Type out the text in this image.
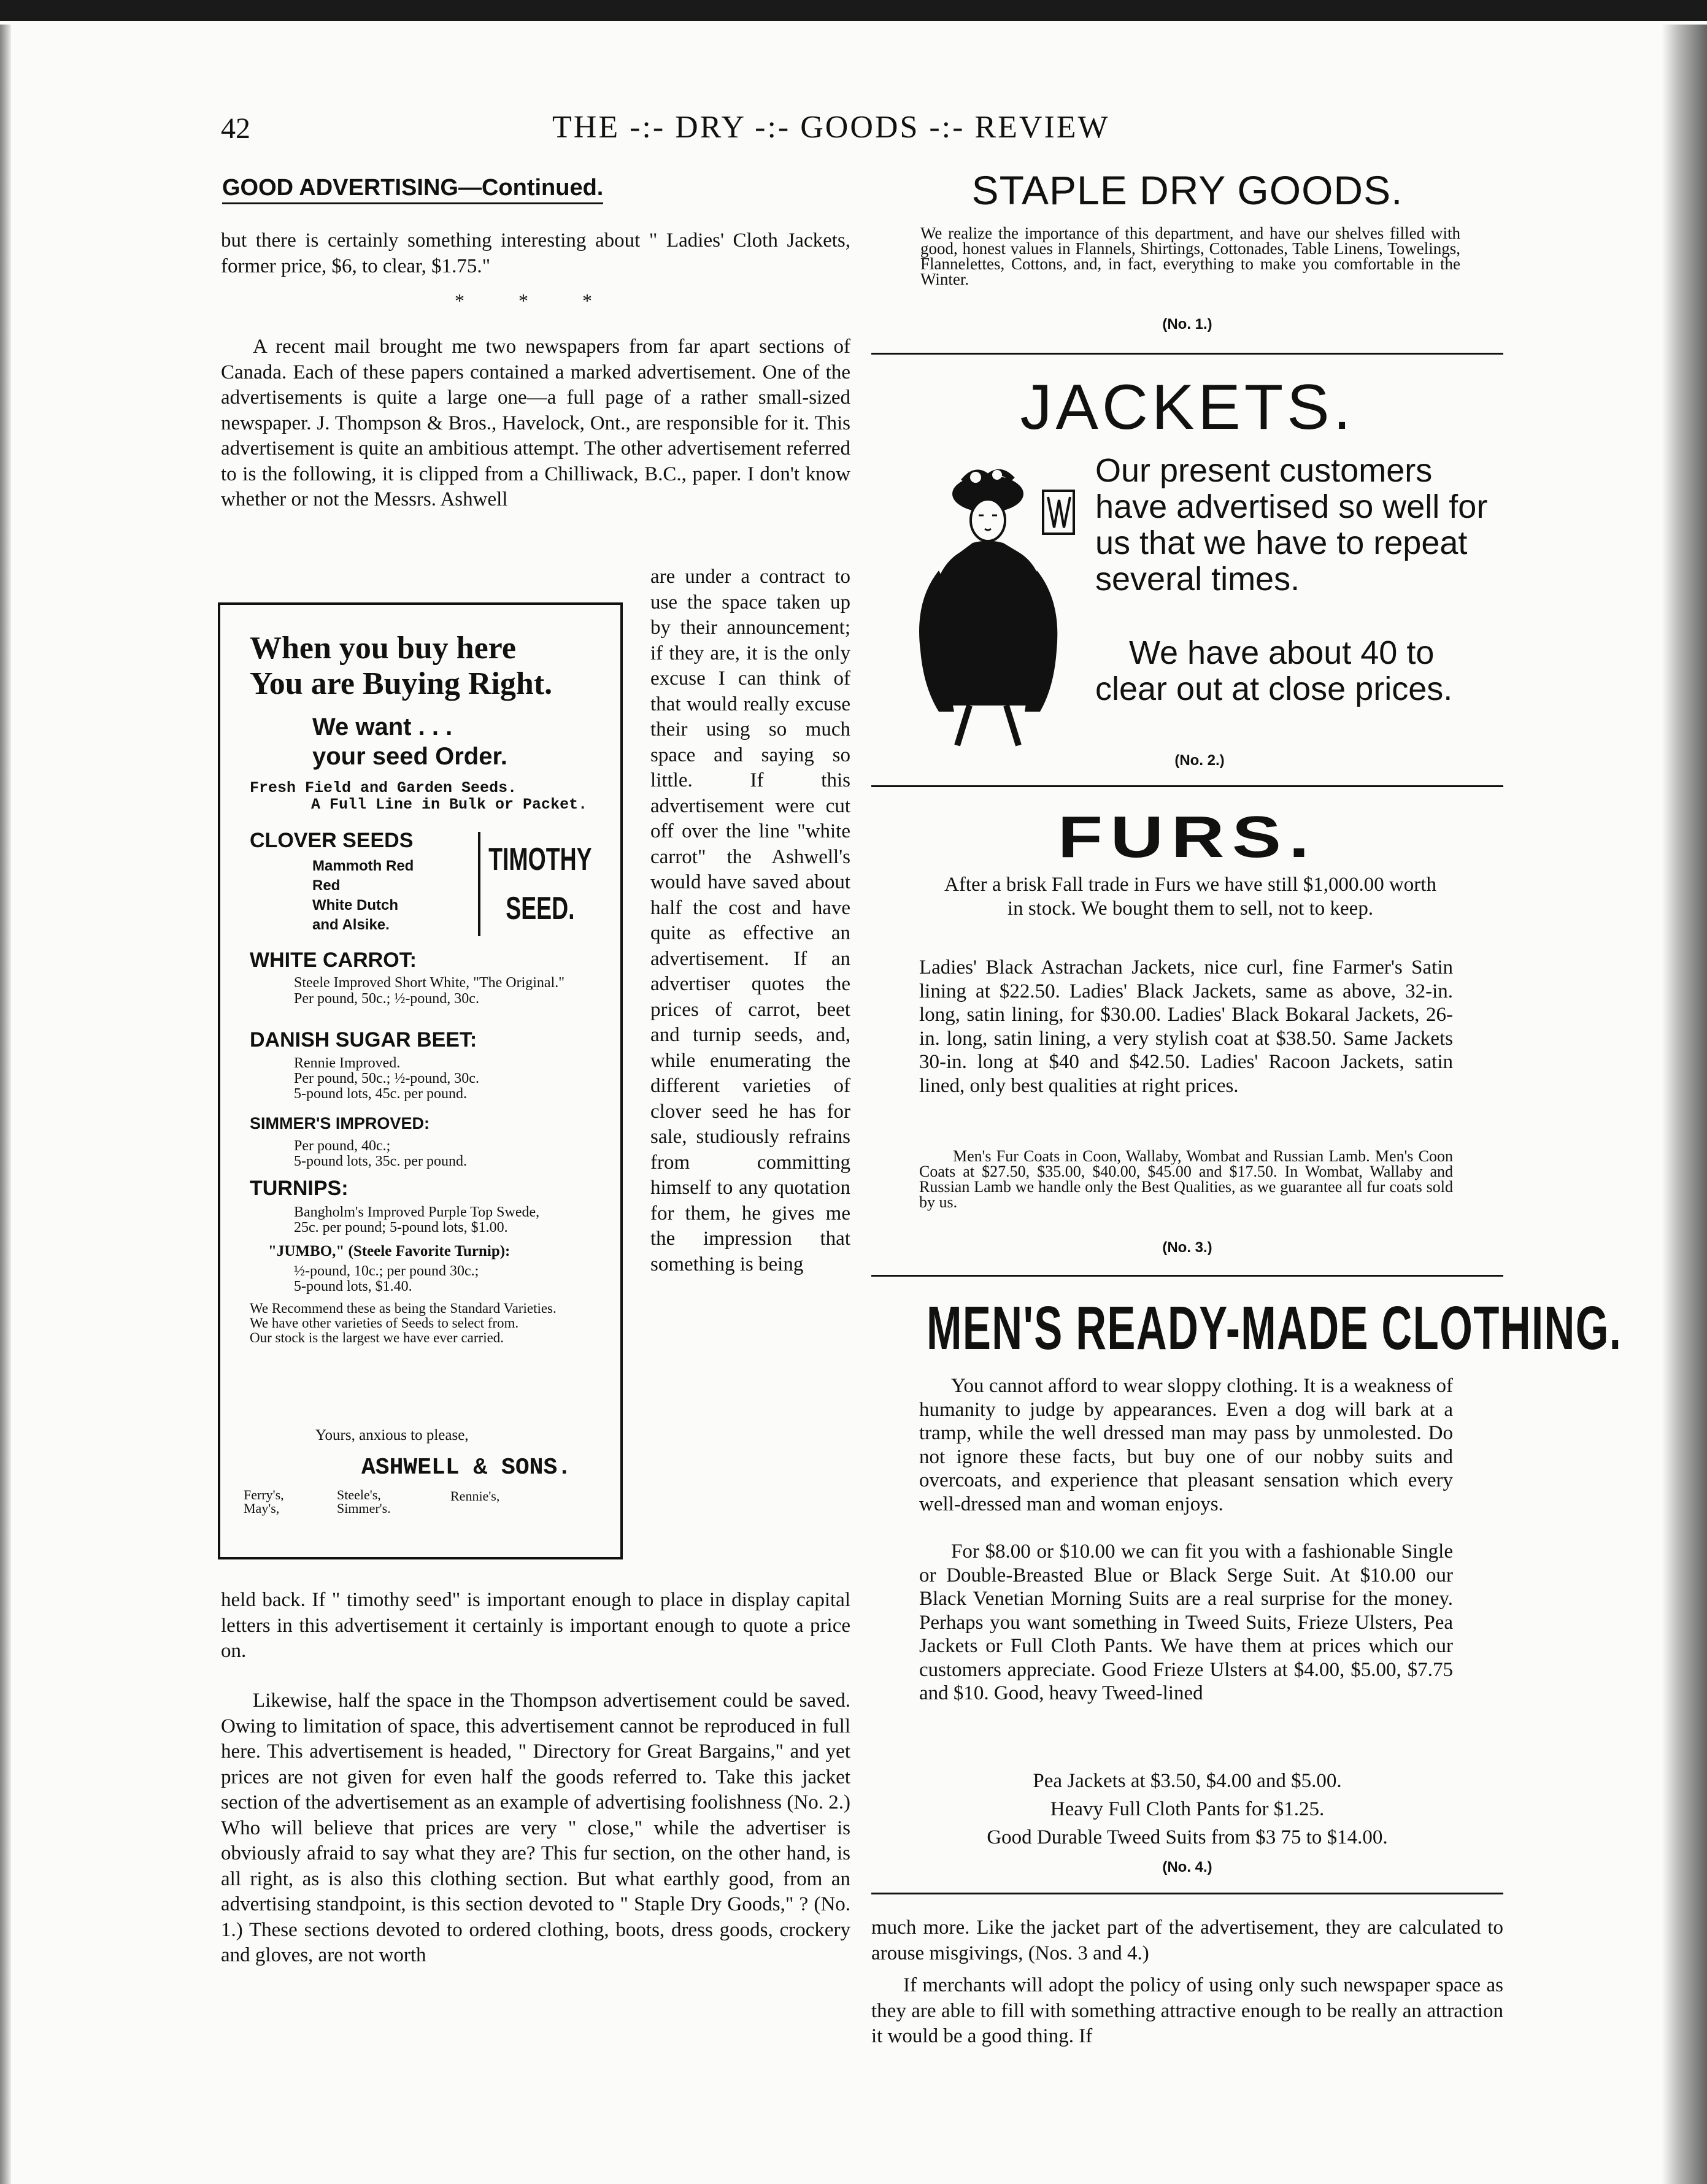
42	THE -:- DRY -:- GOODS -:- REVIEW
GOOD ADVERTISING—Continued.

but there is certainly something interesting about " Ladies' Cloth Jackets, former price, $6, to clear, $1.75."

* * *

A recent mail brought me two newspapers from far apart sections of Canada. Each of these papers contained a marked advertisement. One of the advertisements is quite a large one—a full page of a rather small-sized newspaper. J. Thompson & Bros., Havelock, Ont., are responsible for it. This advertisement is quite an ambitious attempt. The other advertisement referred to is the following, it is clipped from a Chilliwack, B.C., paper. I don't know whether or not the Messrs. Ashwell

are under a contract to use the space taken up by their announcement; if they are, it is the only excuse I can think of that would really excuse their using so much space and saying so little. If this advertisement were cut off over the line "white carrot" the Ashwell's would have saved about half the cost and have quite as effective an advertisement. If an advertiser quotes the prices of carrot, beet and turnip seeds, and, while enumerating the different varieties of clover seed he has for sale, studiously refrains from committing himself to any quotation for them, he gives me the impression that something is being

When you buy here
You are Buying Right.
We want . . .
your seed Order.
Fresh Field and Garden Seeds.
A Full Line in Bulk or Packet.
CLOVER SEEDS
Mammoth Red
Red
White Dutch
and Alsike.
TIMOTHY
SEED.
WHITE CARROT:
Steele Improved Short White, "The Original."
Per pound, 50c.; ½-pound, 30c.
DANISH SUGAR BEET:
Rennie Improved.
Per pound, 50c.; ½-pound, 30c.
5-pound lots, 45c. per pound.
SIMMER'S IMPROVED:
Per pound, 40c.;
5-pound lots, 35c. per pound.
TURNIPS:
Bangholm's Improved Purple Top Swede,
25c. per pound; 5-pound lots, $1.00.
"JUMBO," (Steele Favorite Turnip):
½-pound, 10c.; per pound 30c.;
5-pound lots, $1.40.
We Recommend these as being the Standard Varieties.
We have other varieties of Seeds to select from.
Our stock is the largest we have ever carried.
Yours, anxious to please,
ASHWELL & SONS.
Ferry's,
May's,
Steele's,
Simmer's.
Rennie's,

held back. If " timothy seed" is important enough to place in display capital letters in this advertisement it certainly is important enough to quote a price on.

Likewise, half the space in the Thompson advertisement could be saved. Owing to limitation of space, this advertisement cannot be reproduced in full here. This advertisement is headed, " Directory for Great Bargains," and yet prices are not given for even half the goods referred to. Take this jacket section of the advertisement as an example of advertising foolishness (No. 2.) Who will believe that prices are very " close," while the advertiser is obviously afraid to say what they are? This fur section, on the other hand, is all right, as is also this clothing section. But what earthly good, from an advertising standpoint, is this section devoted to " Staple Dry Goods," ? (No. 1.) These sections devoted to ordered clothing, boots, dress goods, crockery and gloves, are not worth

STAPLE DRY GOODS.

We realize the importance of this department, and have our shelves filled with good, honest values in Flannels, Shirtings, Cottonades, Table Linens, Towelings, Flannelettes, Cottons, and, in fact, everything to make you comfortable in the Winter.

(No. 1.)
JACKETS.
Our present customers have advertised so well for us that we have to repeat several times.
We have about 40 to clear out at close prices.
(No. 2.)
FURS.

After a brisk Fall trade in Furs we have still $1,000.00 worth in stock. We bought them to sell, not to keep.

Ladies' Black Astrachan Jackets, nice curl, fine Farmer's Satin lining at $22.50. Ladies' Black Jackets, same as above, 32-in. long, satin lining, for $30.00. Ladies' Black Bokaral Jackets, 26-in. long, satin lining, a very stylish coat at $38.50. Same Jackets 30-in. long at $40 and $42.50. Ladies' Racoon Jackets, satin lined, only best qualities at right prices.

Men's Fur Coats in Coon, Wallaby, Wombat and Russian Lamb. Men's Coon Coats at $27.50, $35.00, $40.00, $45.00 and $17.50. In Wombat, Wallaby and Russian Lamb we handle only the Best Qualities, as we guarantee all fur coats sold by us.

(No. 3.)
MEN'S READY-MADE CLOTHING.

You cannot afford to wear sloppy clothing. It is a weakness of humanity to judge by appearances. Even a dog will bark at a tramp, while the well dressed man may pass by unmolested. Do not ignore these facts, but buy one of our nobby suits and overcoats, and experience that pleasant sensation which every well-dressed man and woman enjoys.

For $8.00 or $10.00 we can fit you with a fashionable Single or Double-Breasted Blue or Black Serge Suit. At $10.00 our Black Venetian Morning Suits are a real surprise for the money. Perhaps you want something in Tweed Suits, Frieze Ulsters, Pea Jackets or Full Cloth Pants. We have them at prices which our customers appreciate. Good Frieze Ulsters at $4.00, $5.00, $7.75 and $10. Good, heavy Tweed-lined

Pea Jackets at $3.50, $4.00 and $5.00.
Heavy Full Cloth Pants for $1.25.
Good Durable Tweed Suits from $3 75 to $14.00.
(No. 4.)

much more. Like the jacket part of the advertisement, they are calculated to arouse misgivings, (Nos. 3 and 4.)

If merchants will adopt the policy of using only such newspaper space as they are able to fill with something attractive enough to be really an attraction it would be a good thing. If
